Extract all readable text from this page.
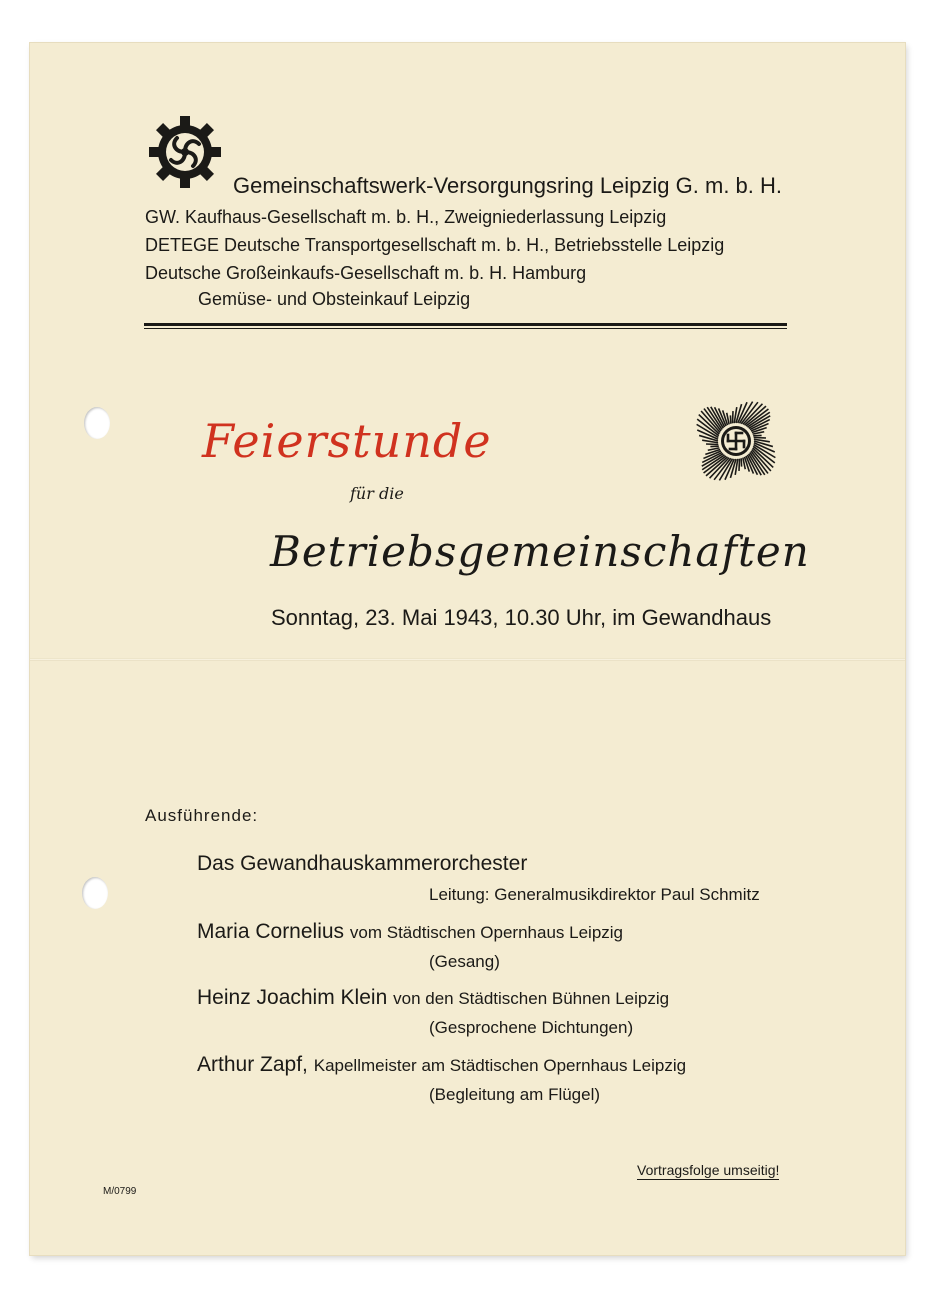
Gemeinschaftswerk-Versorgungsring Leipzig G. m. b. H.
GW. Kaufhaus-Gesellschaft m. b. H., Zweigniederlassung Leipzig
DETEGE Deutsche Transportgesellschaft m. b. H., Betriebsstelle Leipzig
Deutsche Großeinkaufs-Gesellschaft m. b. H. Hamburg
Gemüse- und Obsteinkauf Leipzig
Feierstunde
für die
Betriebsgemeinschaften
Sonntag, 23. Mai 1943, 10.30 Uhr, im Gewandhaus
Ausführende:
Das Gewandhauskammerorchester
Leitung: Generalmusikdirektor Paul Schmitz
Maria Cornelius vom Städtischen Opernhaus Leipzig
(Gesang)
Heinz Joachim Klein von den Städtischen Bühnen Leipzig
(Gesprochene Dichtungen)
Arthur Zapf, Kapellmeister am Städtischen Opernhaus Leipzig
(Begleitung am Flügel)
Vortragsfolge umseitig!
M/0799
